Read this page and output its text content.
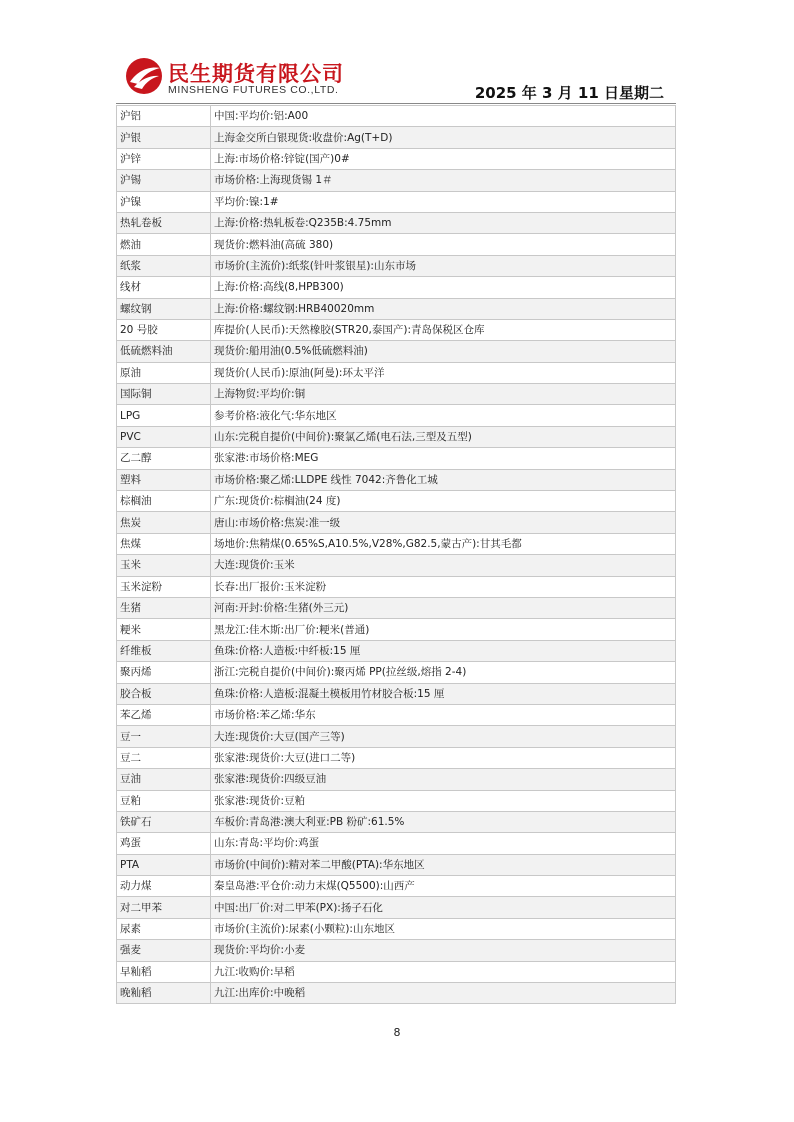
民生期货有限公司
MINSHENG FUTURES CO.,LTD.	2025 年 3 月 11 日星期二
沪铝	中国:平均价:铝:A00
沪银	上海金交所白银现货:收盘价:Ag(T+D)
沪锌	上海:市场价格:锌锭(国产)0#
沪锡	市场价格:上海现货锡 1＃
沪镍	平均价:镍:1#
热轧卷板	上海:价格:热轧板卷:Q235B:4.75mm
燃油	现货价:燃料油(高硫 380)
纸浆	市场价(主流价):纸浆(针叶浆银星):山东市场
线材	上海:价格:高线(8,HPB300)
螺纹钢	上海:价格:螺纹钢:HRB40020mm
20 号胶	库提价(人民币):天然橡胶(STR20,泰国产):青岛保税区仓库
低硫燃料油	现货价:船用油(0.5%低硫燃料油)
原油	现货价(人民币):原油(阿曼):环太平洋
国际铜	上海物贸:平均价:铜
LPG	参考价格:液化气:华东地区
PVC	山东:完税自提价(中间价):聚氯乙烯(电石法,三型及五型)
乙二醇	张家港:市场价格:MEG
塑料	市场价格:聚乙烯:LLDPE 线性 7042:齐鲁化工城
棕榈油	广东:现货价:棕榈油(24 度)
焦炭	唐山:市场价格:焦炭:准一级
焦煤	场地价:焦精煤(0.65%S,A10.5%,V28%,G82.5,蒙古产):甘其毛都
玉米	大连:现货价:玉米
玉米淀粉	长春:出厂报价:玉米淀粉
生猪	河南:开封:价格:生猪(外三元)
粳米	黑龙江:佳木斯:出厂价:粳米(普通)
纤维板	鱼珠:价格:人造板:中纤板:15 厘
聚丙烯	浙江:完税自提价(中间价):聚丙烯 PP(拉丝级,熔指 2-4)
胶合板	鱼珠:价格:人造板:混凝土模板用竹材胶合板:15 厘
苯乙烯	市场价格:苯乙烯:华东
豆一	大连:现货价:大豆(国产三等)
豆二	张家港:现货价:大豆(进口二等)
豆油	张家港:现货价:四级豆油
豆粕	张家港:现货价:豆粕
铁矿石	车板价:青岛港:澳大利亚:PB 粉矿:61.5%
鸡蛋	山东:青岛:平均价:鸡蛋
PTA	市场价(中间价):精对苯二甲酸(PTA):华东地区
动力煤	秦皇岛港:平仓价:动力末煤(Q5500):山西产
对二甲苯	中国:出厂价:对二甲苯(PX):扬子石化
尿素	市场价(主流价):尿素(小颗粒):山东地区
强麦	现货价:平均价:小麦
早籼稻	九江:收购价:早稻
晚籼稻	九江:出库价:中晚稻
8
